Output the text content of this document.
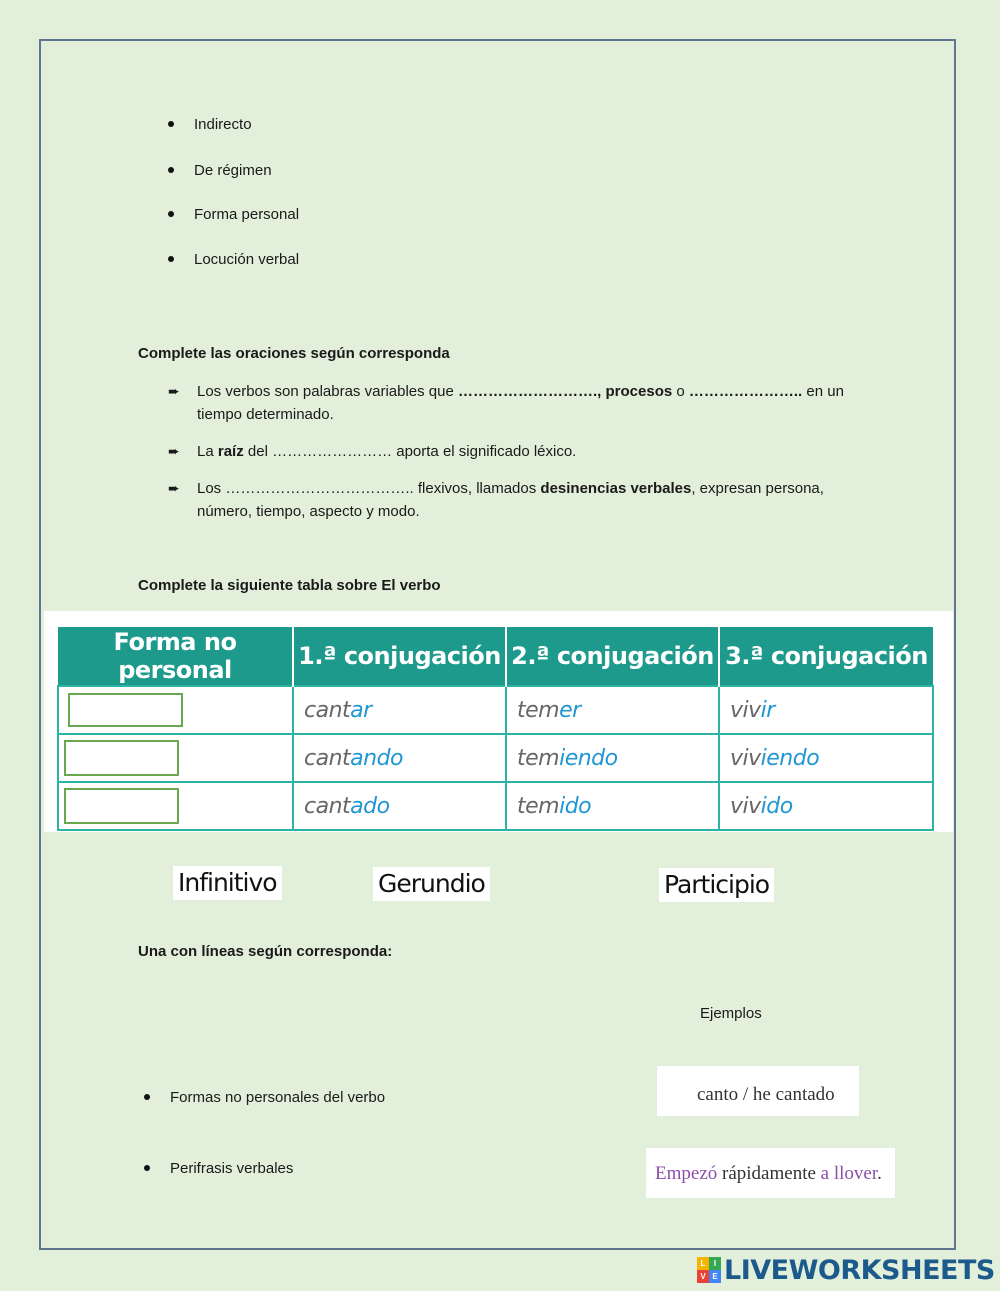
Indirecto
De régimen
Forma personal
Locución verbal
Complete las oraciones según corresponda
➨ Los verbos son palabras variables que ………………………., procesos o ………………….. en un tiempo determinado.
➨ La raíz del …………………… aporta el significado léxico.
➨ Los ……………………………….. flexivos, llamados desinencias verbales, expresan persona, número, tiempo, aspecto y modo.
Complete la siguiente tabla sobre El verbo
Forma no personal	1.ª conjugación	2.ª conjugación	3.ª conjugación

	cantar	temer	vivir

	cantando	temiendo	viviendo

	cantado	temido	vivido
Infinitivo	Gerundio	Participio
Una con líneas según corresponda:
Ejemplos
Formas no personales del verbo
Perifrasis verbales
canto / he cantado
Empezó rápidamente a llover.
L	I
V E LIVEWORKSHEETS
